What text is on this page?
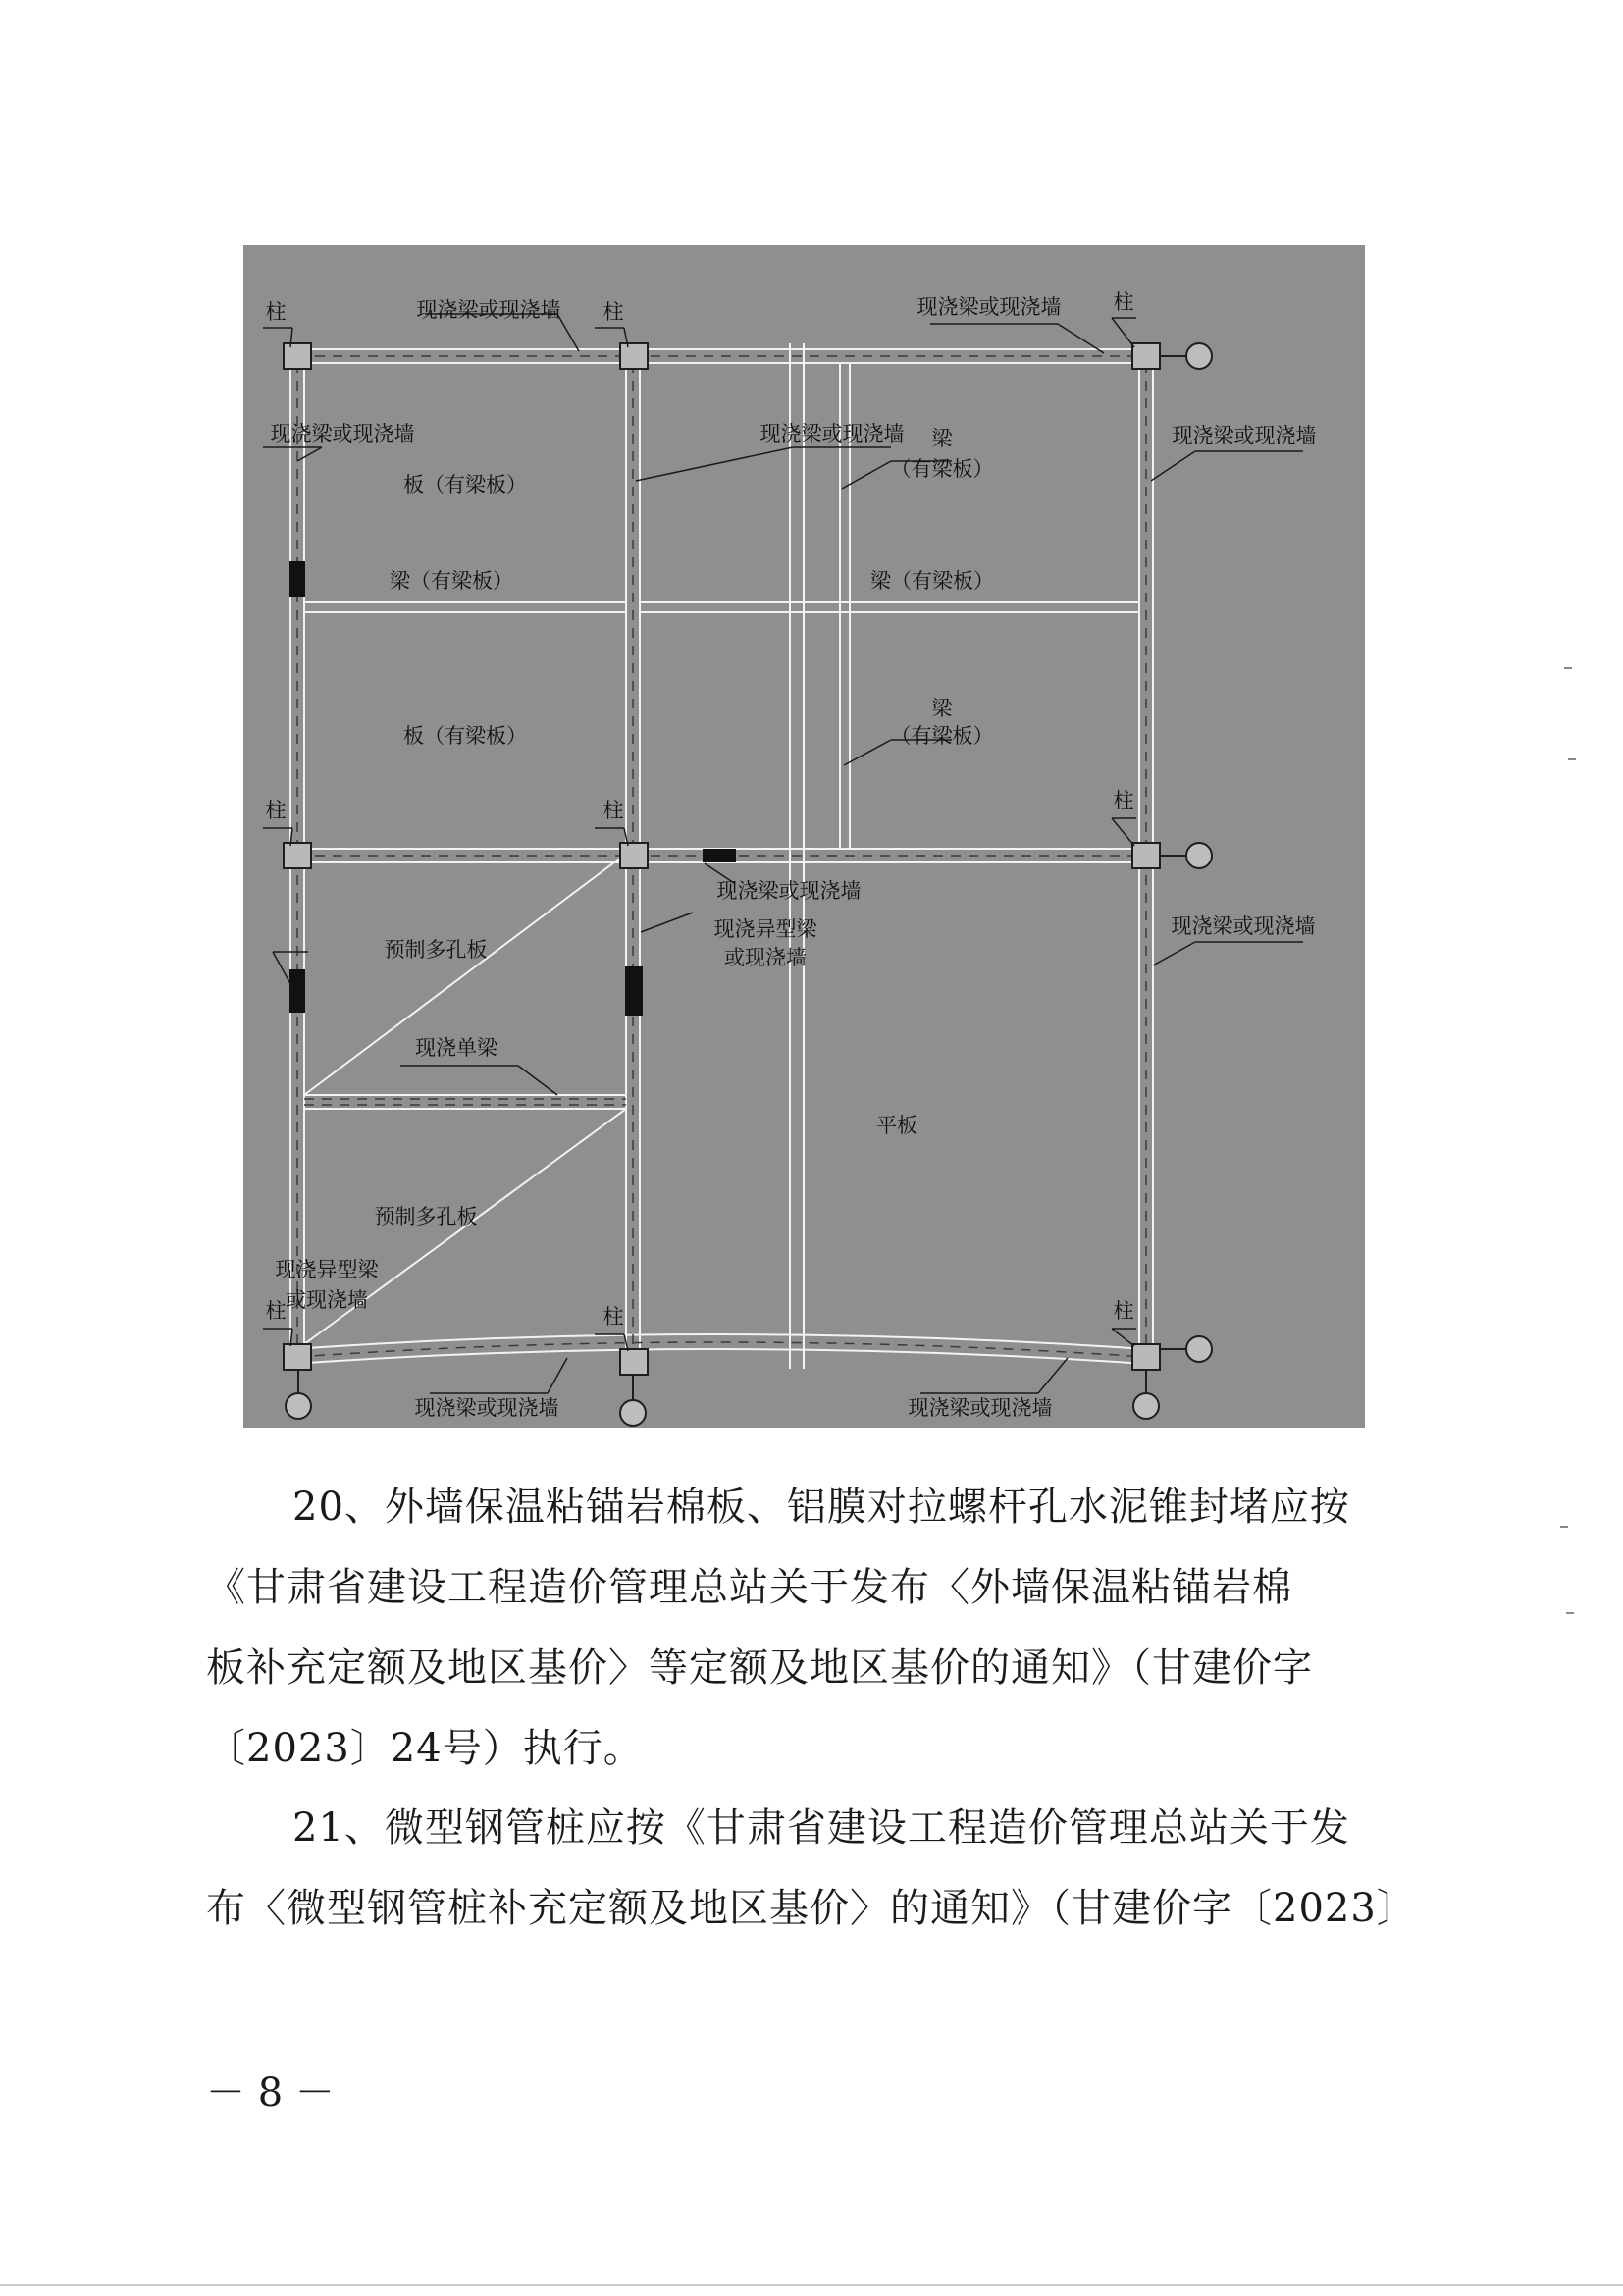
柱	柱	柱
现浇梁或现浇墙	现浇梁或现浇墙
现浇梁或现浇墙	现浇梁或现浇墙	现浇梁或现浇墙
板（有梁板）
梁（有梁板）	梁（有梁板）
梁
（有梁板）
板（有梁板）
梁
（有梁板）
柱	柱	柱
现浇梁或现浇墙
现浇异型梁
或现浇墙
预制多孔板
现浇梁或现浇墙
现浇单梁
平板
预制多孔板
柱	柱	柱
现浇梁或现浇墙	现浇梁或现浇墙
现浇异型梁
或现浇墙
20、外墙保温粘锚岩棉板、铝膜对拉螺杆孔水泥锥封堵应按
《甘肃省建设工程造价管理总站关于发布〈外墙保温粘锚岩棉
板补充定额及地区基价〉等定额及地区基价的通知》（甘建价字
〔2023〕24号）执行。
21、微型钢管桩应按《甘肃省建设工程造价管理总站关于发
布〈微型钢管桩补充定额及地区基价〉的通知》（甘建价字〔2023〕
－ 8 －
